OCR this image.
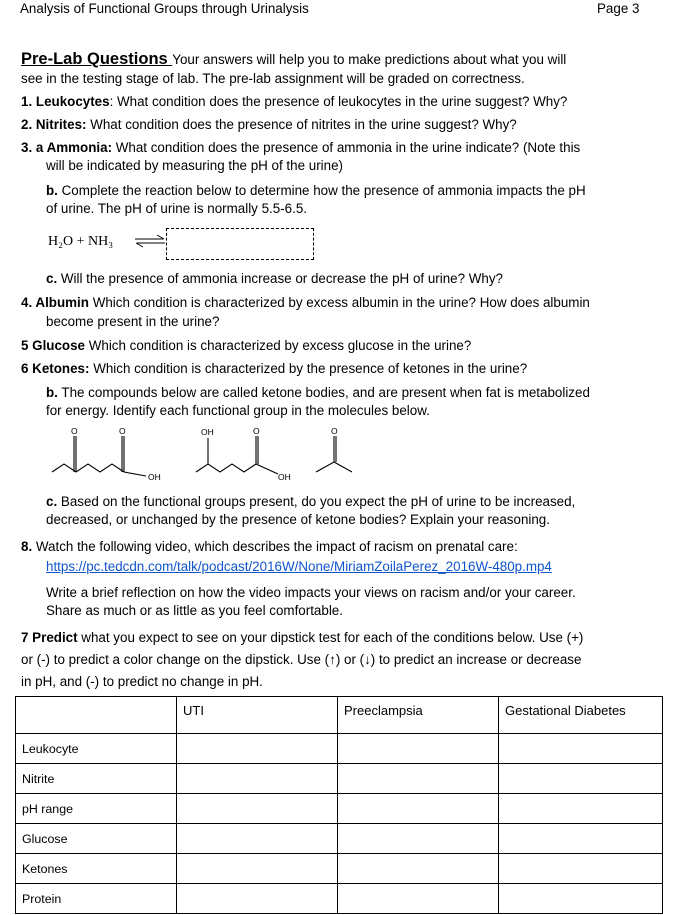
Analysis of Functional Groups through Urinalysis	Page 3
Pre-Lab Questions Your answers will help you to make predictions about what you will
see in the testing stage of lab. The pre-lab assignment will be graded on correctness.
1. Leukocytes: What condition does the presence of leukocytes in the urine suggest? Why?
2. Nitrites: What condition does the presence of nitrites in the urine suggest? Why?
3. a Ammonia: What condition does the presence of ammonia in the urine indicate? (Note this
will be indicated by measuring the pH of the urine)
b. Complete the reaction below to determine how the presence of ammonia impacts the pH
of urine. The pH of urine is normally 5.5-6.5.
H₂O + NH₃ ⇌
c. Will the presence of ammonia increase or decrease the pH of urine? Why?
4. Albumin Which condition is characterized by excess albumin in the urine? How does albumin
become present in the urine?
5 Glucose Which condition is characterized by excess glucose in the urine?
6 Ketones: Which condition is characterized by the presence of ketones in the urine?
b. The compounds below are called ketone bodies, and are present when fat is metabolized
for energy. Identify each functional group in the molecules below.
O	O
OH
OH	O
OH
O
c. Based on the functional groups present, do you expect the pH of urine to be increased,
decreased, or unchanged by the presence of ketone bodies? Explain your reasoning.
8. Watch the following video, which describes the impact of racism on prenatal care:
https://pc.tedcdn.com/talk/podcast/2016W/None/MiriamZoilaPerez_2016W-480p.mp4
Write a brief reflection on how the video impacts your views on racism and/or your career.
Share as much or as little as you feel comfortable.
7 Predict what you expect to see on your dipstick test for each of the conditions below. Use (+)
or (-) to predict a color change on the dipstick. Use (↑) or (↓) to predict an increase or decrease
in pH, and (-) to predict no change in pH.
	UTI	Preeclampsia	Gestational Diabetes
Leukocyte			
Nitrite			
pH range			
Glucose			
Ketones			
Protein			
